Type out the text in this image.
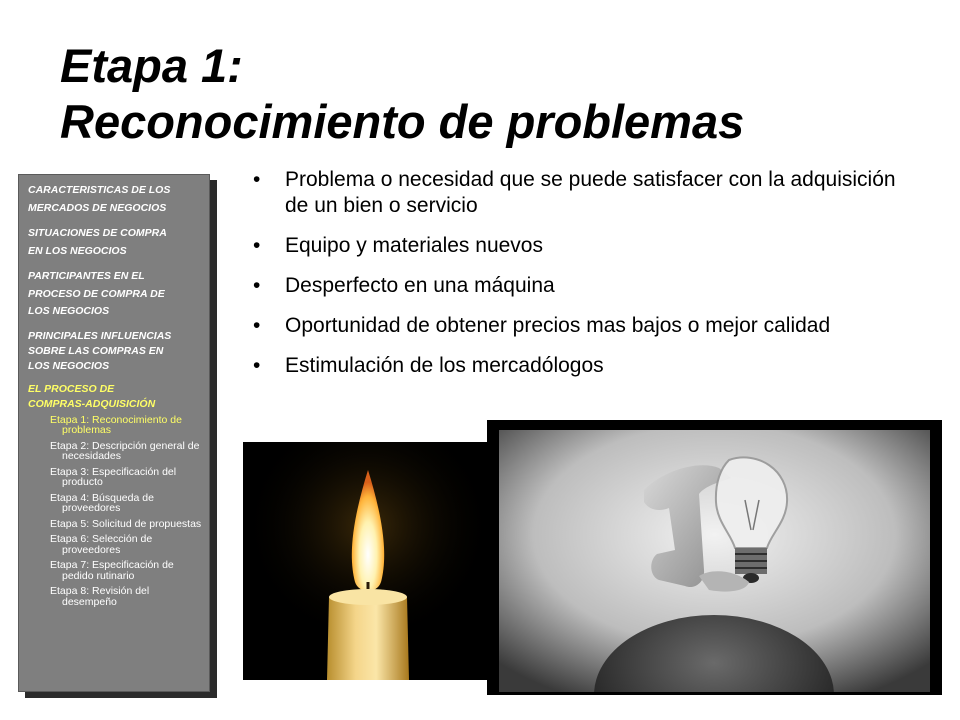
Etapa 1:
Reconocimiento de problemas
CARACTERISTICAS DE LOS
MERCADOS DE NEGOCIOS
SITUACIONES DE COMPRA
EN LOS NEGOCIOS
PARTICIPANTES EN EL
PROCESO DE COMPRA DE
LOS NEGOCIOS
PRINCIPALES INFLUENCIAS
SOBRE LAS COMPRAS EN
LOS NEGOCIOS
EL PROCESO DE
COMPRAS-ADQUISICIÓN
Etapa 1: Reconocimiento de problemas
Etapa 2: Descripción general de necesidades
Etapa 3: Especificación del producto
Etapa 4: Búsqueda de proveedores
Etapa 5: Solicitud de propuestas
Etapa 6: Selección de proveedores
Etapa 7: Especificación de pedido rutinario
Etapa 8: Revisión del desempeño
• Problema o necesidad que se puede satisfacer con la adquisición de un bien o servicio
• Equipo y materiales nuevos
• Desperfecto en una máquina
• Oportunidad de obtener precios mas bajos o mejor calidad
• Estimulación de los mercadólogos
